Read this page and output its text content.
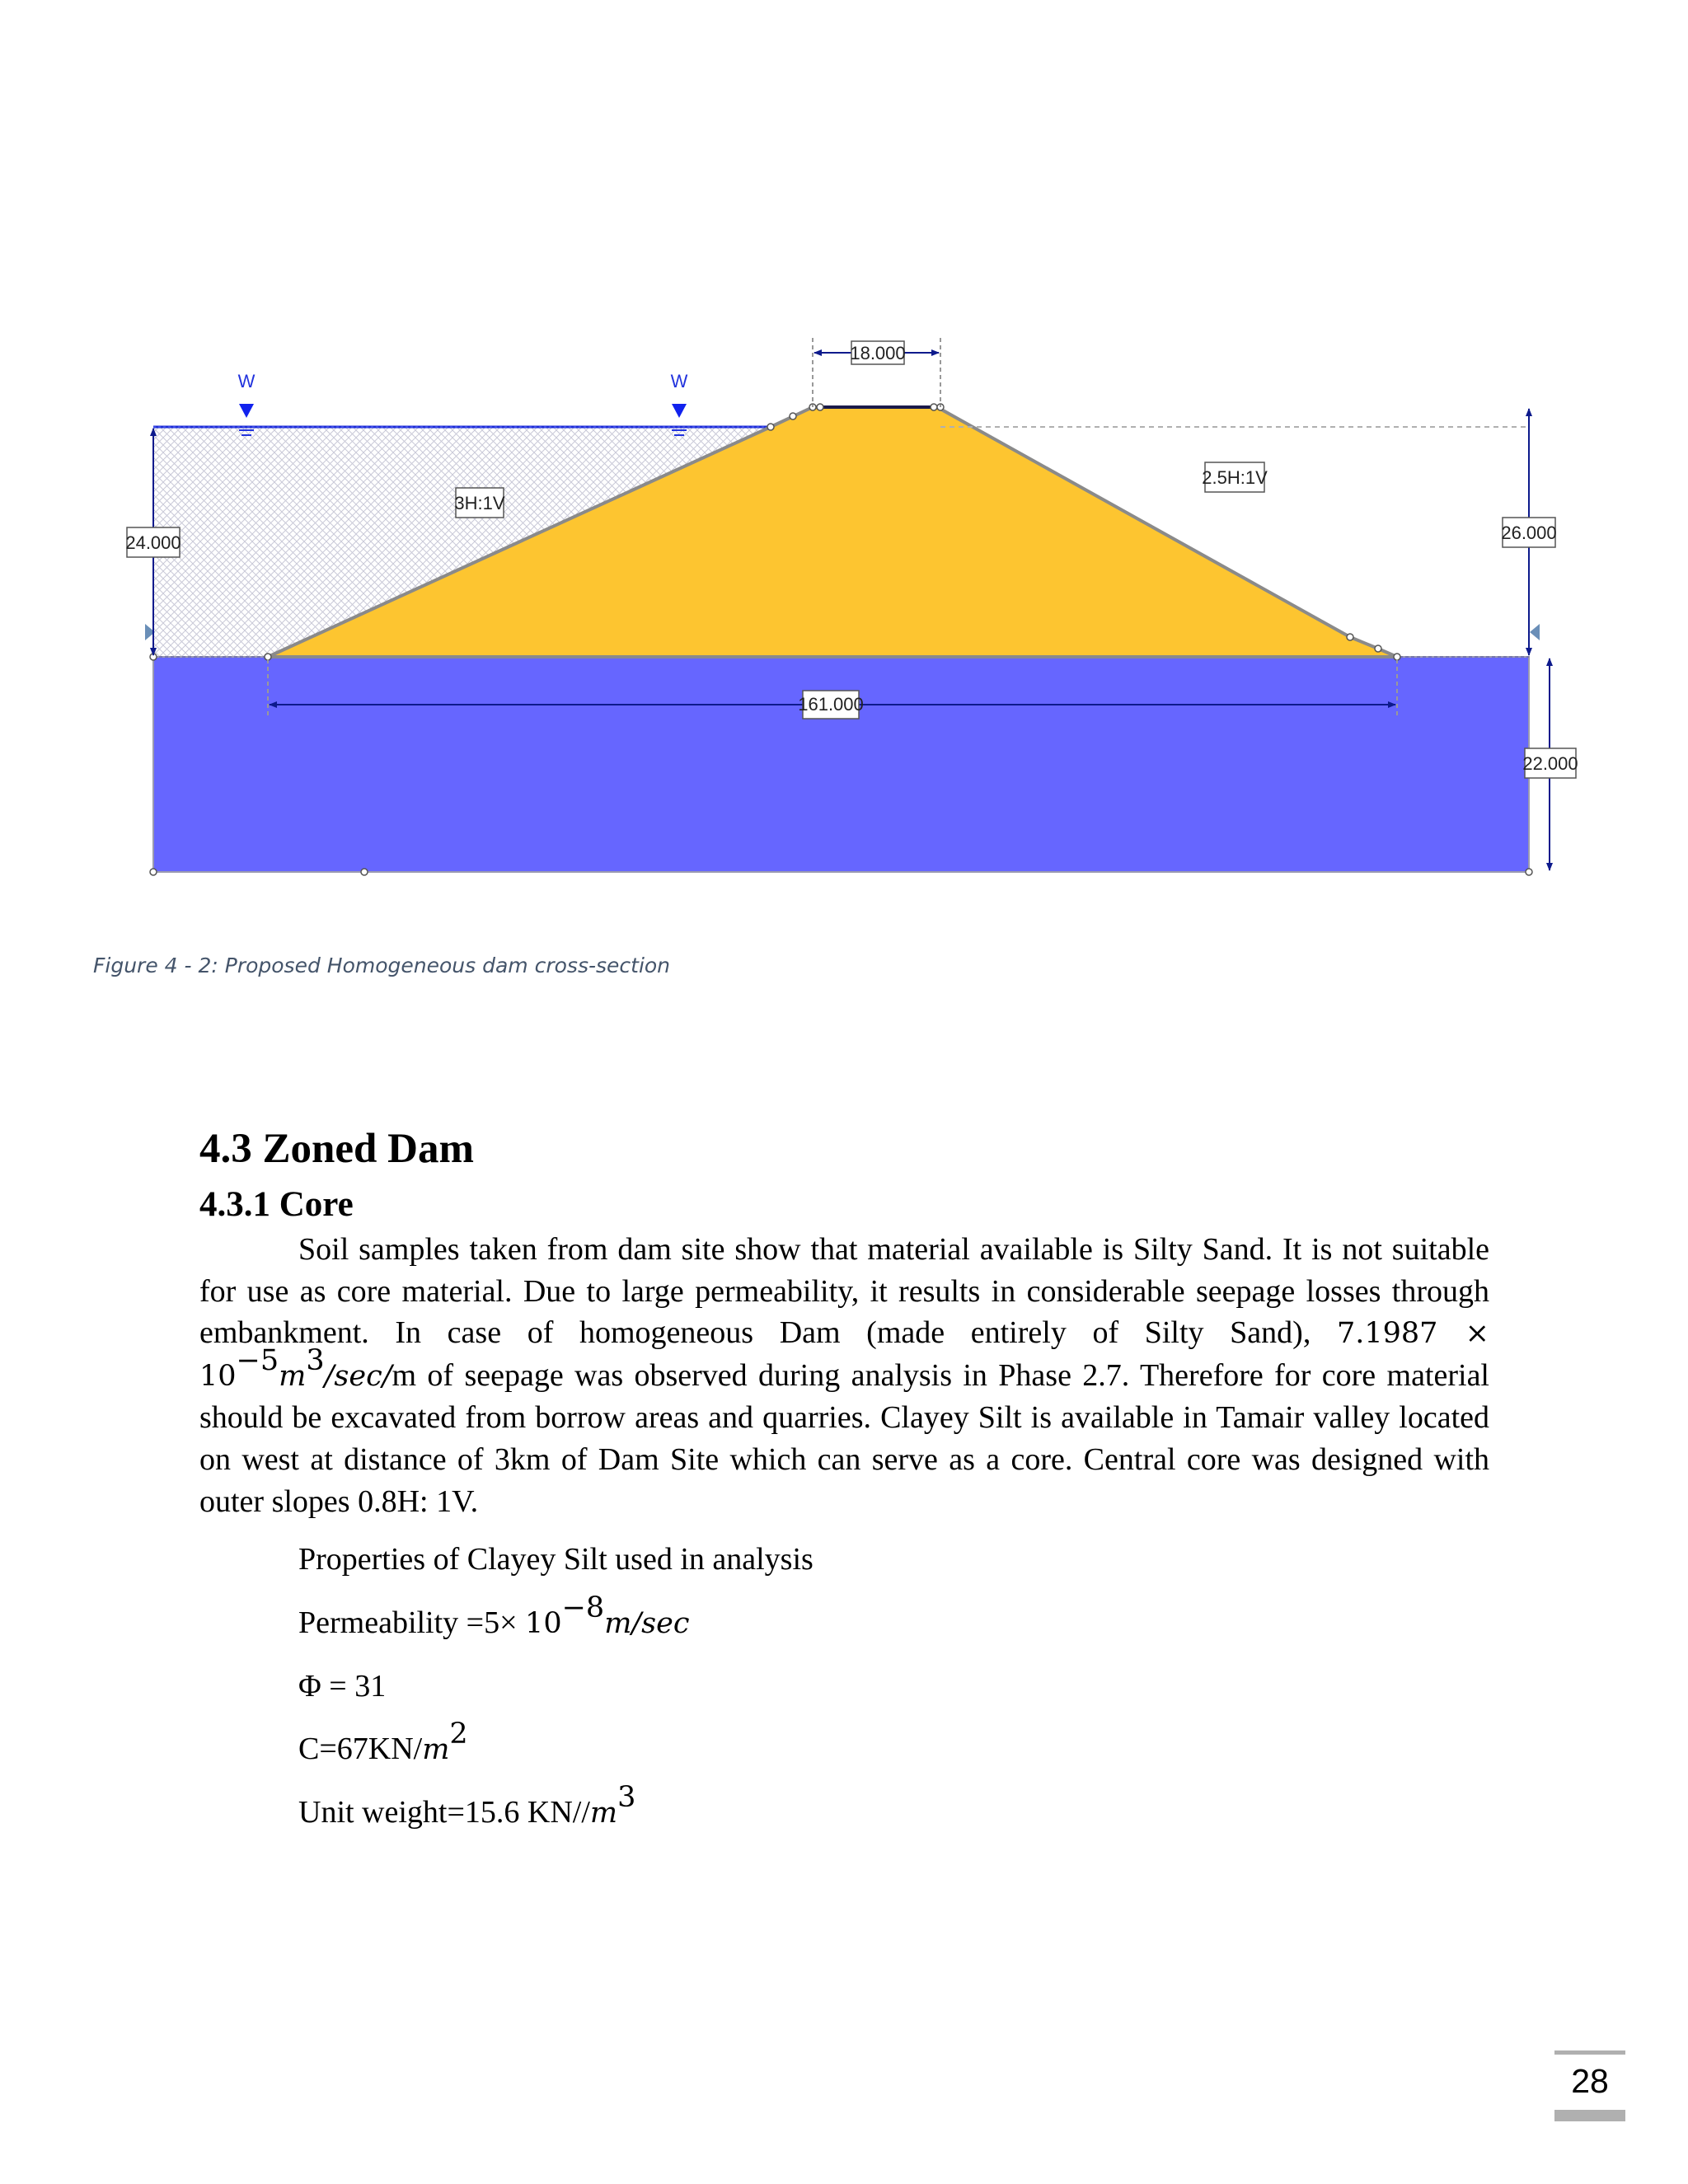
W	W
18.000
24.000	26.000
22.000
161.000
3H:1V
2.5H:1V
Figure 4 - 2: Proposed Homogeneous dam cross-section
4.3 Zoned Dam
4.3.1 Core

Soil samples taken from dam site show that material available is Silty Sand. It is not suitable for use as core material. Due to large permeability, it results in considerable seepage losses through embankment. In case of homogeneous Dam (made entirely of Silty Sand), $7.1987 \times 10^{-5}m^3/\sec/m$ of seepage was observed during analysis in Phase 2.7. Therefore for core material should be excavated from borrow areas and quarries. Clayey Silt is available in Tamair valley located on west at distance of 3km of Dam Site which can serve as a core. Central core was designed with outer slopes 0.8H: 1V.

Properties of Clayey Silt used in analysis
Permeability $=5\times 10^{-8}m/\sec$
Φ = 31
$C=67KN/m^2$
Unit weight=15.6 $KN//m^3$
28
